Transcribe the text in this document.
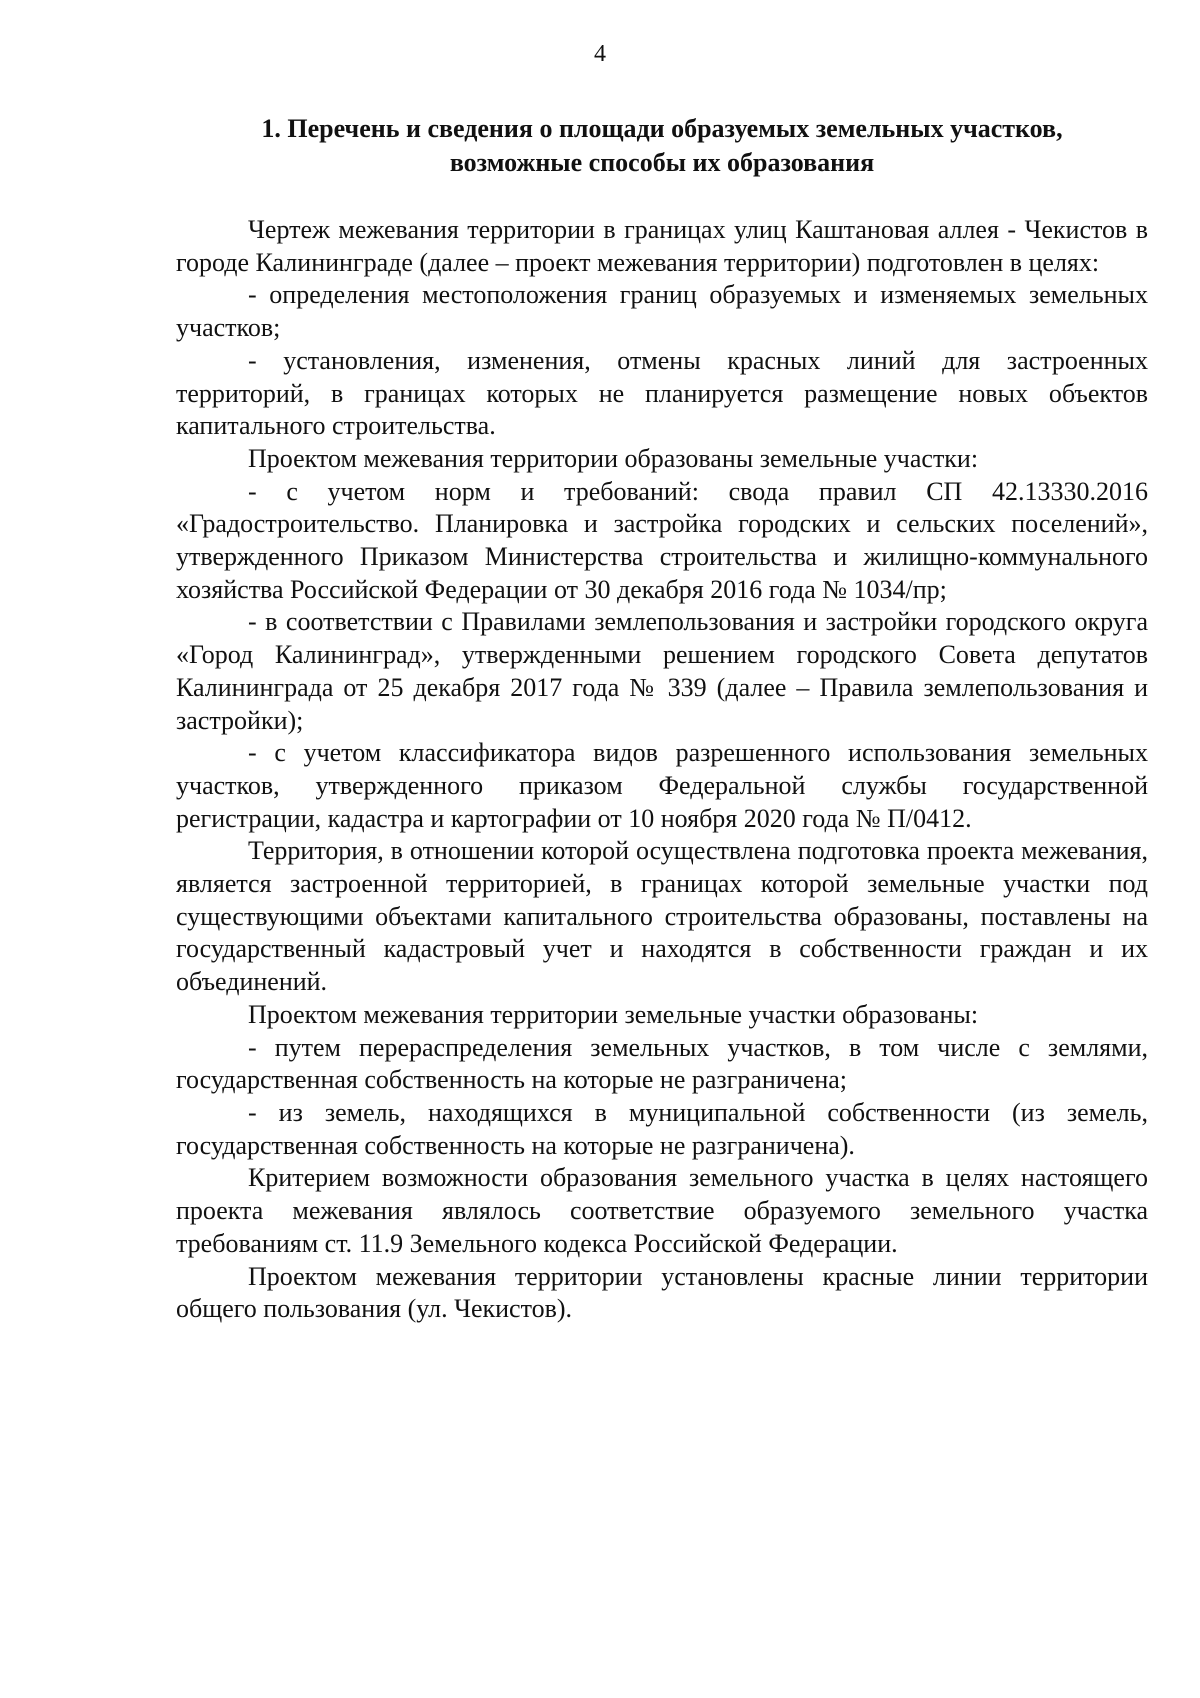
4
1. Перечень и сведения о площади образуемых земельных участков,
возможные способы их образования

Чертеж межевания территории в границах улиц Каштановая аллея - Чекистов в городе Калининграде (далее – проект межевания территории) подготовлен в целях:

- определения местоположения границ образуемых и изменяемых земельных участков;

- установления, изменения, отмены красных линий для застроенных территорий, в границах которых не планируется размещение новых объектов капитального строительства.

Проектом межевания территории образованы земельные участки:

- с учетом норм и требований: свода правил СП 42.13330.2016 «Градостроительство. Планировка и застройка городских и сельских поселений», утвержденного Приказом Министерства строительства и жилищно-коммунального хозяйства Российской Федерации от 30 декабря 2016 года № 1034/пр;

- в соответствии с Правилами землепользования и застройки городского округа «Город Калининград», утвержденными решением городского Совета депутатов Калининграда от 25 декабря 2017 года № 339 (далее – Правила землепользования и застройки);

- с учетом классификатора видов разрешенного использования земельных участков, утвержденного приказом Федеральной службы государственной регистрации, кадастра и картографии от 10 ноября 2020 года № П/0412.

Территория, в отношении которой осуществлена подготовка проекта межевания, является застроенной территорией, в границах которой земельные участки под существующими объектами капитального строительства образованы, поставлены на государственный кадастровый учет и находятся в собственности граждан и их объединений.

Проектом межевания территории земельные участки образованы:

- путем перераспределения земельных участков, в том числе с землями, государственная собственность на которые не разграничена;

- из земель, находящихся в муниципальной собственности (из земель, государственная собственность на которые не разграничена).

Критерием возможности образования земельного участка в целях настоящего проекта межевания являлось соответствие образуемого земельного участка требованиям ст. 11.9 Земельного кодекса Российской Федерации.

Проектом межевания территории установлены красные линии территории общего пользования (ул. Чекистов).
